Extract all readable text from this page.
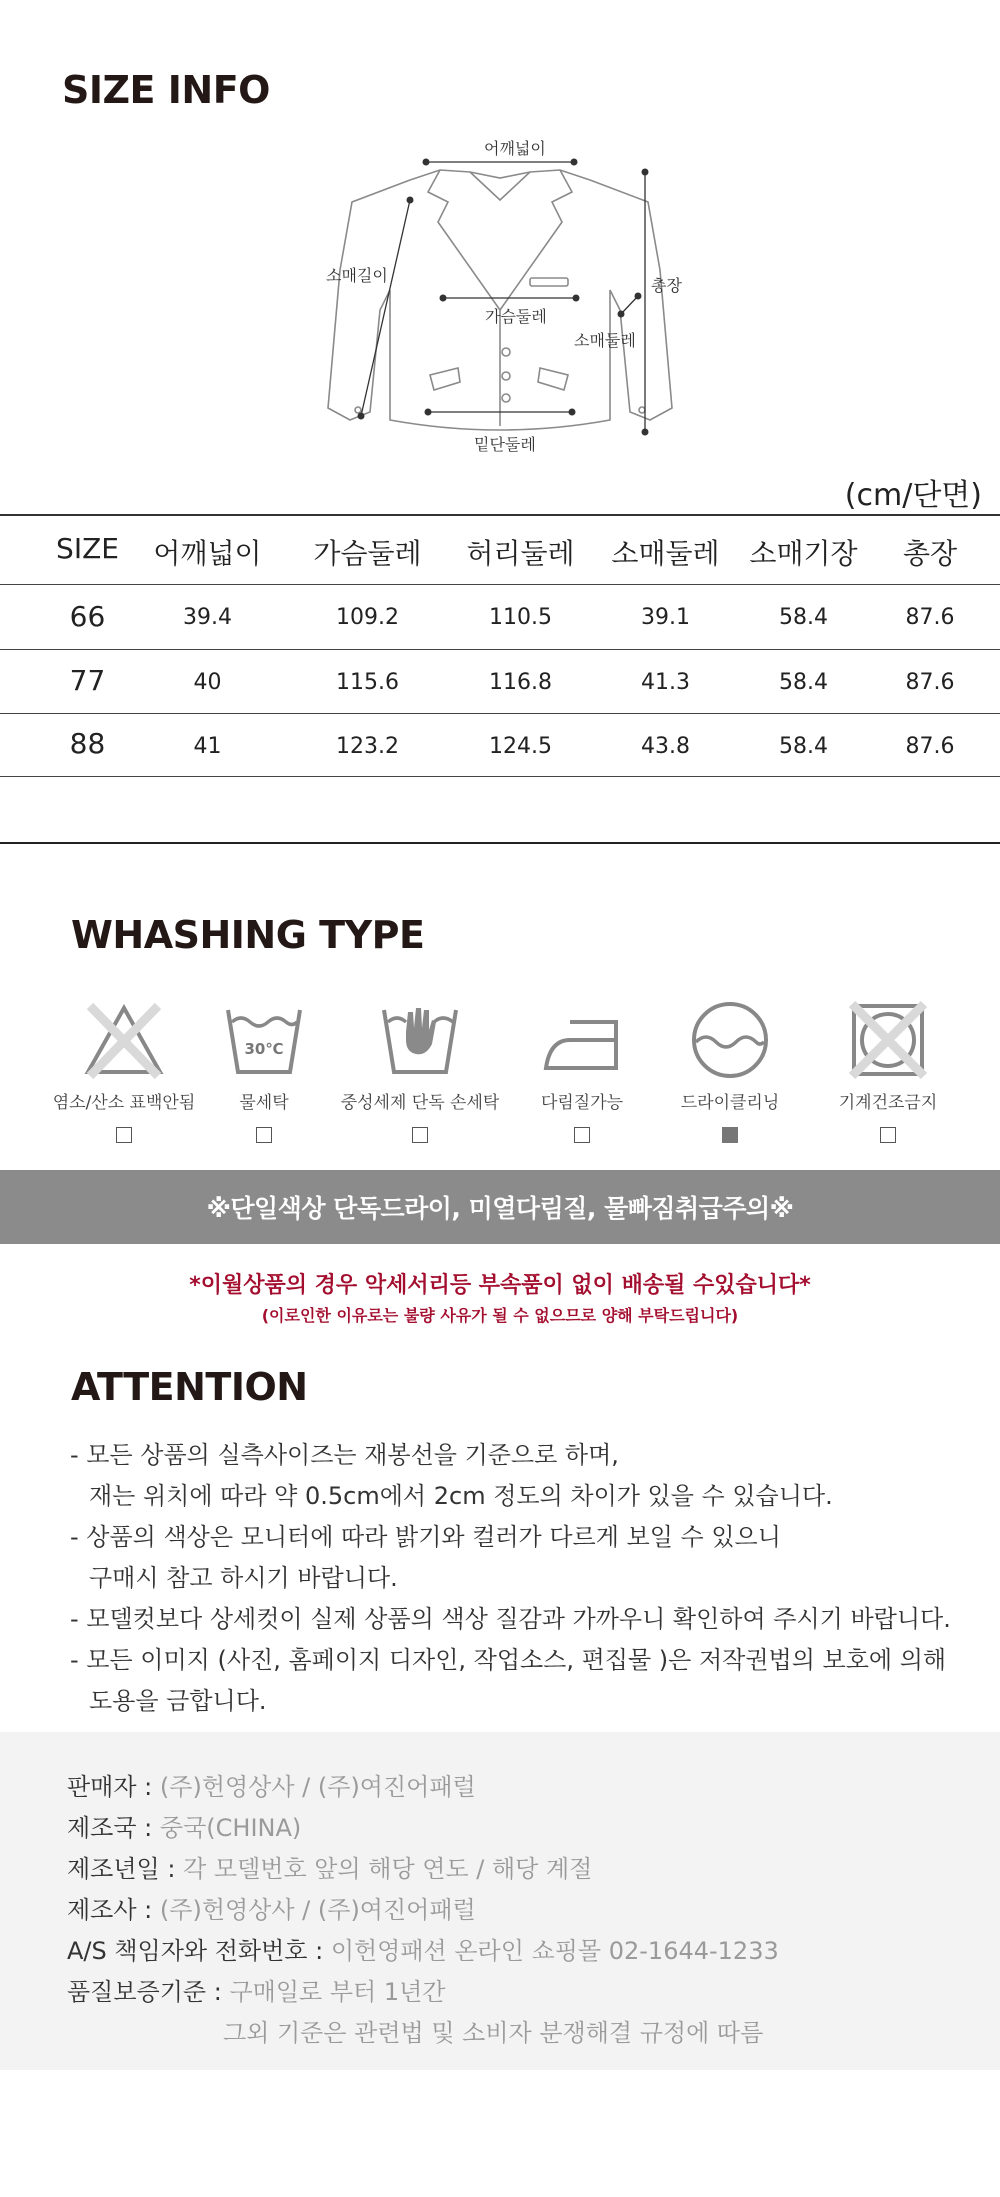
SIZE INFO
어깨넓이
소매길이
총장
가슴둘레
소매둘레
밑단둘레
(cm/단면)
SIZE	어깨넓이 가슴둘레	허리둘레	소매둘레	소매기장	총장
66	39.4	109.2	110.5	39.1	58.4	87.6
77	40	115.6	116.8	41.3	58.4	87.6
88	41	123.2	124.5	43.8	58.4	87.6
WHASHING TYPE
염소/산소 표백안됨
30℃
물세탁	중성세제 단독 손세탁	다림질가능	드라이클리닝	기계건조금지
※단일색상 단독드라이, 미열다림질, 물빠짐취급주의※
*이월상품의 경우 악세서리등 부속품이 없이 배송될 수있습니다*
(이로인한 이유로는 불량 사유가 될 수 없으므로 양해 부탁드립니다)
ATTENTION
- 모든 상품의 실측사이즈는 재봉선을 기준으로 하며,
재는 위치에 따라 약 0.5cm에서 2cm 정도의 차이가 있을 수 있습니다.
- 상품의 색상은 모니터에 따라 밝기와 컬러가 다르게 보일 수 있으니
구매시 참고 하시기 바랍니다.
- 모델컷보다 상세컷이 실제 상품의 색상 질감과 가까우니 확인하여 주시기 바랍니다.
- 모든 이미지 (사진, 홈페이지 디자인, 작업소스, 편집물 )은 저작권법의 보호에 의해
도용을 금합니다.
판매자 : (주)헌영상사 / (주)여진어패럴
제조국 : 중국(CHINA)
제조년일 : 각 모델번호 앞의 해당 연도 / 해당 계절
제조사 : (주)헌영상사 / (주)여진어패럴
A/S 책임자와 전화번호 : 이헌영패션 온라인 쇼핑몰 02-1644-1233
품질보증기준 : 구매일로 부터 1년간
그외 기준은 관련법 및 소비자 분쟁해결 규정에 따름
